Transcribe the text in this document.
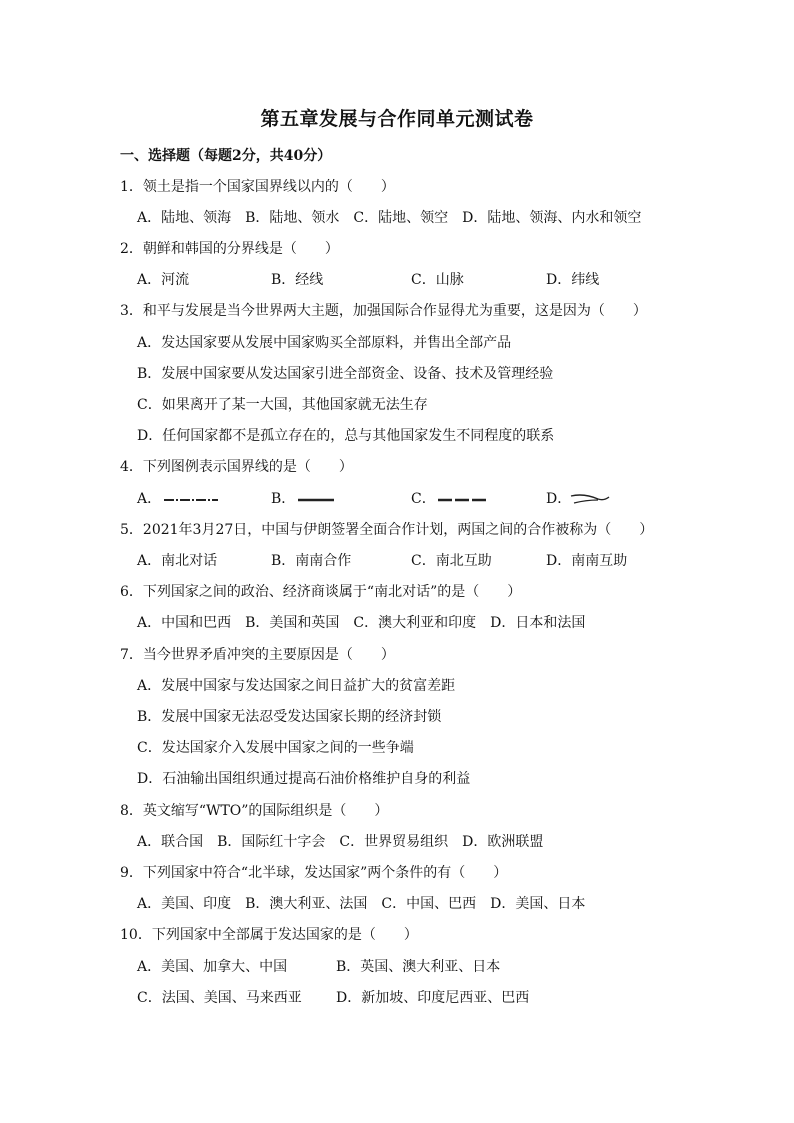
第五章发展与合作同单元测试卷
一、选择题（每题2分，共40分）
1．领土是指一个国家国界线以内的（　　）
A．陆地、领海　B．陆地、领水　C．陆地、领空　D．陆地、领海、内水和领空
2．朝鲜和韩国的分界线是（　　）
A．河流	B．经线	C．山脉	D．纬线
3．和平与发展是当今世界两大主题，加强国际合作显得尤为重要，这是因为（　　）
A．发达国家要从发展中国家购买全部原料，并售出全部产品
B．发展中国家要从发达国家引进全部资金、设备、技术及管理经验
C．如果离开了某一大国，其他国家就无法生存
D．任何国家都不是孤立存在的，总与其他国家发生不同程度的联系
4．下列图例表示国界线的是（　　）
A．	B．	C．	D．
5．2021年3月27日，中国与伊朗签署全面合作计划，两国之间的合作被称为（　　）
A．南北对话	B．南南合作	C．南北互助	D．南南互助
6．下列国家之间的政治、经济商谈属于“南北对话”的是（　　）
A．中国和巴西　B．美国和英国　C．澳大利亚和印度　D．日本和法国
7．当今世界矛盾冲突的主要原因是（　　）
A．发展中国家与发达国家之间日益扩大的贫富差距
B．发展中国家无法忍受发达国家长期的经济封锁
C．发达国家介入发展中国家之间的一些争端
D．石油输出国组织通过提高石油价格维护自身的利益
8．英文缩写“WTO”的国际组织是（　　）
A．联合国　B．国际红十字会　C．世界贸易组织　D．欧洲联盟
9．下列国家中符合“北半球，发达国家”两个条件的有（　　）
A．美国、印度　B．澳大利亚、法国　C．中国、巴西　D．美国、日本
10．下列国家中全部属于发达国家的是（　　）
A．美国、加拿大、中国	B．英国、澳大利亚、日本
C．法国、美国、马来西亚 D．新加坡、印度尼西亚、巴西
